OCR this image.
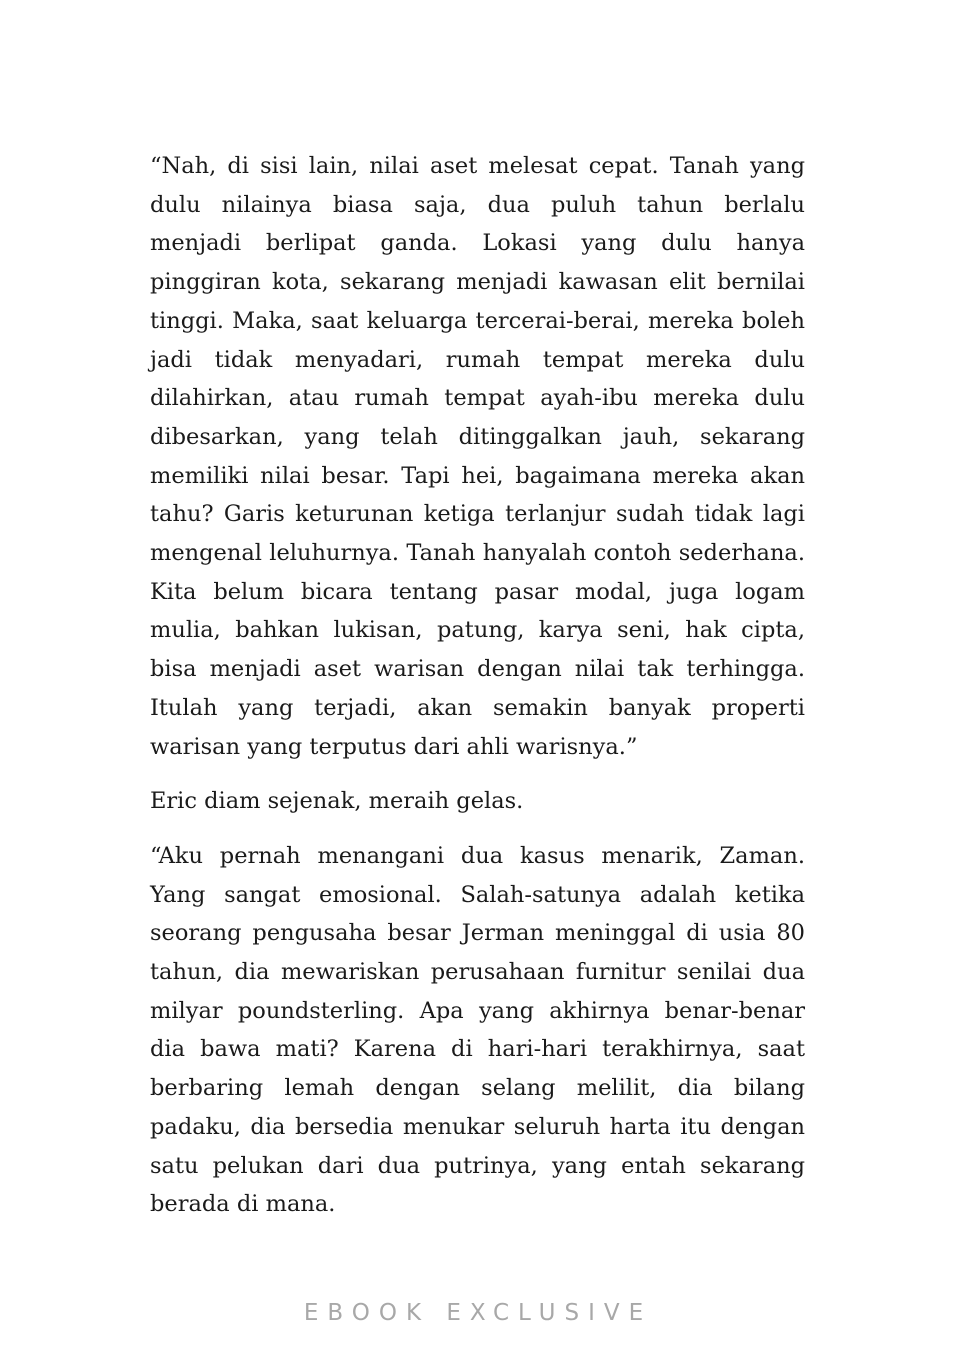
“Nah, di sisi lain, nilai aset melesat cepat. Tanah yang dulu nilainya biasa saja, dua puluh tahun berlalu menjadi berlipat ganda. Lokasi yang dulu hanya pinggiran kota, sekarang menjadi kawasan elit bernilai tinggi. Maka, saat keluarga tercerai-berai, mereka boleh jadi tidak menyadari, rumah tempat mereka dulu dilahirkan, atau rumah tempat ayah-ibu mereka dulu dibesarkan, yang telah ditinggalkan jauh, sekarang memiliki nilai besar. Tapi hei, bagaimana mereka akan tahu? Garis keturunan ketiga terlanjur sudah tidak lagi mengenal leluhurnya. Tanah hanyalah contoh sederhana. Kita belum bicara tentang pasar modal, juga logam mulia, bahkan lukisan, patung, karya seni, hak cipta, bisa menjadi aset warisan dengan nilai tak terhingga. Itulah yang terjadi, akan semakin banyak properti warisan yang terputus dari ahli warisnya.”

Eric diam sejenak, meraih gelas.

“Aku pernah menangani dua kasus menarik, Zaman. Yang sangat emosional. Salah-satunya adalah ketika seorang pengusaha besar Jerman meninggal di usia 80 tahun, dia mewariskan perusahaan furnitur senilai dua milyar poundsterling. Apa yang akhirnya benar-benar dia bawa mati? Karena di hari-hari terakhirnya, saat berbaring lemah dengan selang melilit, dia bilang padaku, dia bersedia menukar seluruh harta itu dengan satu pelukan dari dua putrinya, yang entah sekarang berada di mana.

EBOOK EXCLUSIVE
